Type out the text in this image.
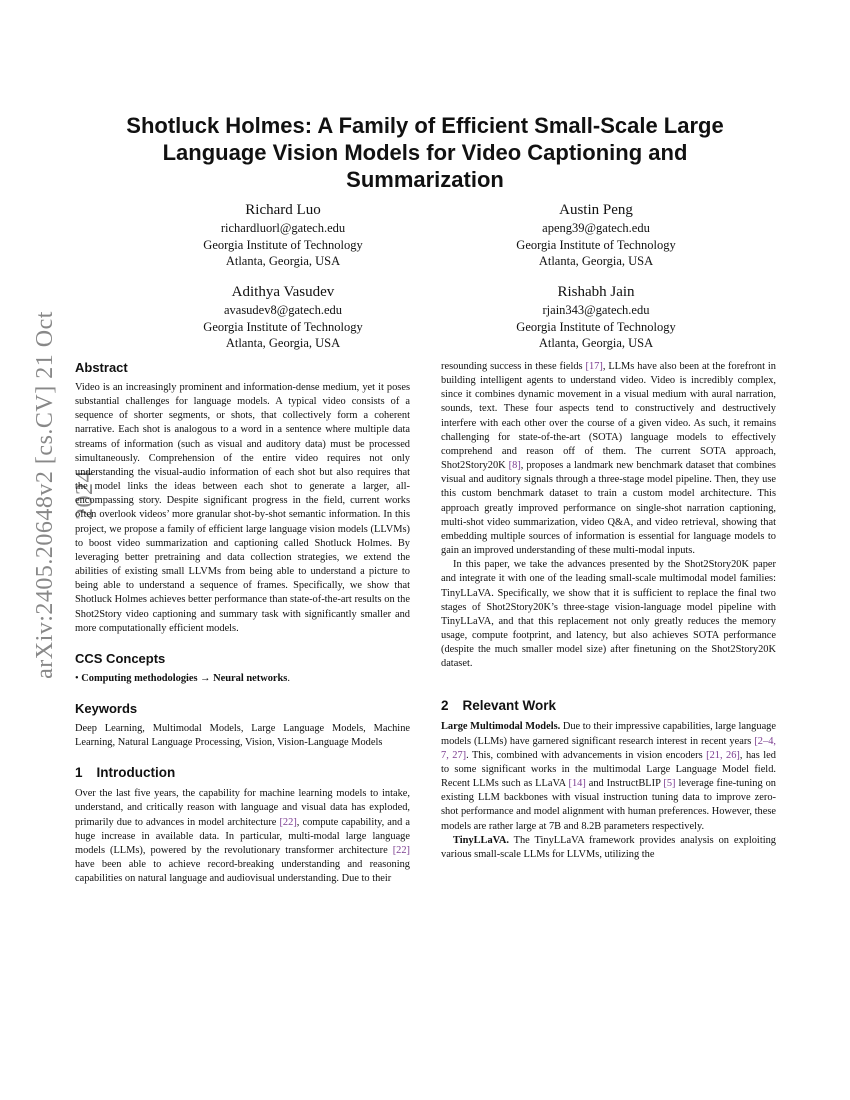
arXiv:2405.20648v2 [cs.CV] 21 Oct 2024
Shotluck Holmes: A Family of Efficient Small-Scale Large Language Vision Models for Video Captioning and Summarization
Richard Luo
richardluorl@gatech.edu
Georgia Institute of Technology
Atlanta, Georgia, USA
Austin Peng
apeng39@gatech.edu
Georgia Institute of Technology
Atlanta, Georgia, USA
Adithya Vasudev
avasudev8@gatech.edu
Georgia Institute of Technology
Atlanta, Georgia, USA
Rishabh Jain
rjain343@gatech.edu
Georgia Institute of Technology
Atlanta, Georgia, USA
Abstract

Video is an increasingly prominent and information-dense medium, yet it poses substantial challenges for language models. A typical video consists of a sequence of shorter segments, or shots, that collectively form a coherent narrative. Each shot is analogous to a word in a sentence where multiple data streams of information (such as visual and auditory data) must be processed simultaneously. Comprehension of the entire video requires not only understanding the visual-audio information of each shot but also requires that the model links the ideas between each shot to generate a larger, all-encompassing story. Despite significant progress in the field, current works often overlook videos’ more granular shot-by-shot semantic information. In this project, we propose a family of efficient large language vision models (LLVMs) to boost video summarization and captioning called Shotluck Holmes. By leveraging better pretraining and data collection strategies, we extend the abilities of existing small LLVMs from being able to understand a picture to being able to understand a sequence of frames. Specifically, we show that Shotluck Holmes achieves better performance than state-of-the-art results on the Shot2Story video captioning and summary task with significantly smaller and more computationally efficient models.

CCS Concepts

• Computing methodologies → Neural networks.

Keywords

Deep Learning, Multimodal Models, Large Language Models, Machine Learning, Natural Language Processing, Vision, Vision-Language Models

1 Introduction

Over the last five years, the capability for machine learning models to intake, understand, and critically reason with language and visual data has exploded, primarily due to advances in model architecture [22], compute capability, and a huge increase in available data. In particular, multi-modal large language models (LLMs), powered by the revolutionary transformer architecture [22] have been able to achieve record-breaking understanding and reasoning capabilities on natural language and audiovisual understanding. Due to their

resounding success in these fields [17], LLMs have also been at the forefront in building intelligent agents to understand video. Video is incredibly complex, since it combines dynamic movement in a visual medium with aural narration, sounds, text. These four aspects tend to constructively and destructively interfere with each other over the course of a given video. As such, it remains challenging for state-of-the-art (SOTA) language models to effectively comprehend and reason off of them. The current SOTA approach, Shot2Story20K [8], proposes a landmark new benchmark dataset that combines visual and auditory signals through a three-stage model pipeline. Then, they use this custom benchmark dataset to train a custom model architecture. This approach greatly improved performance on single-shot narration captioning, multi-shot video summarization, video Q&A, and video retrieval, showing that embedding multiple sources of information is essential for language models to gain an improved understanding of these multi-modal inputs.

In this paper, we take the advances presented by the Shot2Story20K paper and integrate it with one of the leading small-scale multimodal model families: TinyLLaVA. Specifically, we show that it is sufficient to replace the final two stages of Shot2Story20K’s three-stage vision-language model pipeline with TinyLLaVA, and that this replacement not only greatly reduces the memory usage, compute footprint, and latency, but also achieves SOTA performance (despite the much smaller model size) after finetuning on the Shot2Story20K dataset.

2 Relevant Work

Large Multimodal Models. Due to their impressive capabilities, large language models (LLMs) have garnered significant research interest in recent years [2–4, 7, 27]. This, combined with advancements in vision encoders [21, 26], has led to some significant works in the multimodal Large Language Model field. Recent LLMs such as LLaVA [14] and InstructBLIP [5] leverage fine-tuning on existing LLM backbones with visual instruction tuning data to improve zero-shot performance and model alignment with human preferences. However, these models are rather large at 7B and 8.2B parameters respectively.

TinyLLaVA. The TinyLLaVA framework provides analysis on exploiting various small-scale LLMs for LLVMs, utilizing the
